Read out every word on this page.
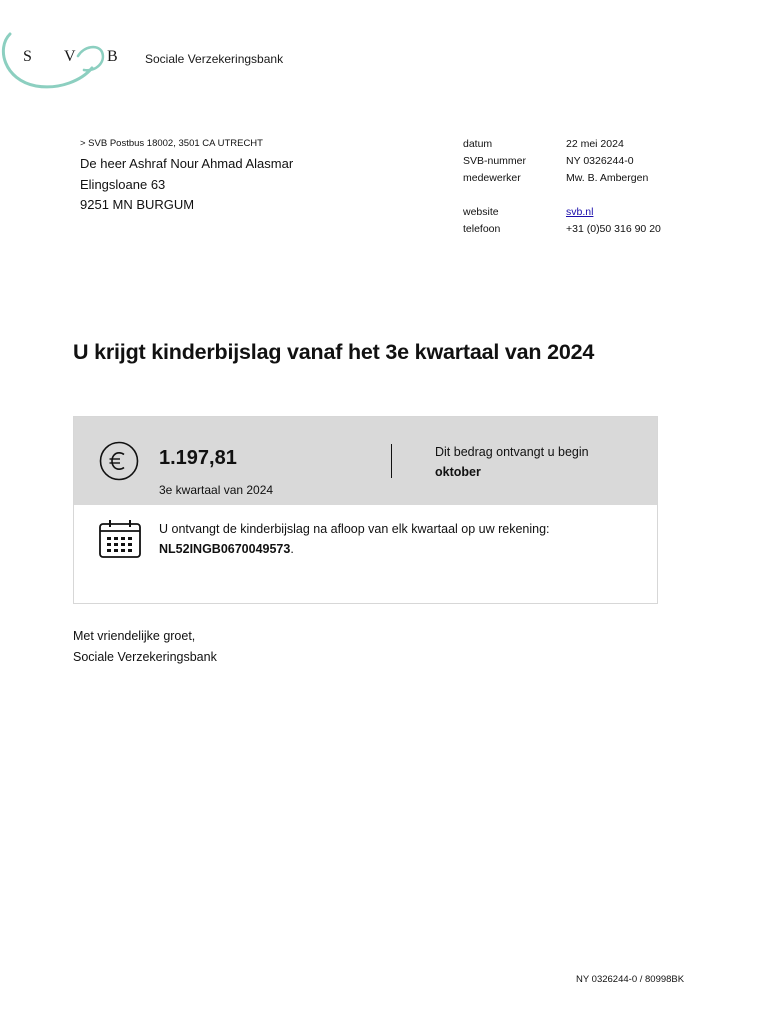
S V B Sociale Verzekeringsbank
> SVB Postbus 18002, 3501 CA UTRECHT
De heer Ashraf Nour Ahmad Alasmar
Elingsloane 63
9251 MN BURGUM
datum	22 mei 2024
SVB-nummer	NY 0326244-0
medewerker	Mw. B. Ambergen
website	svb.nl
telefoon	+31 (0)50 316 90 20
U krijgt kinderbijslag vanaf het 3e kwartaal van 2024
1.197,81
3e kwartaal van 2024
Dit bedrag ontvangt u begin
oktober
U ontvangt de kinderbijslag na afloop van elk kwartaal op uw rekening:
NL52INGB0670049573.
Met vriendelijke groet,
Sociale Verzekeringsbank
NY 0326244-0 / 80998BK
